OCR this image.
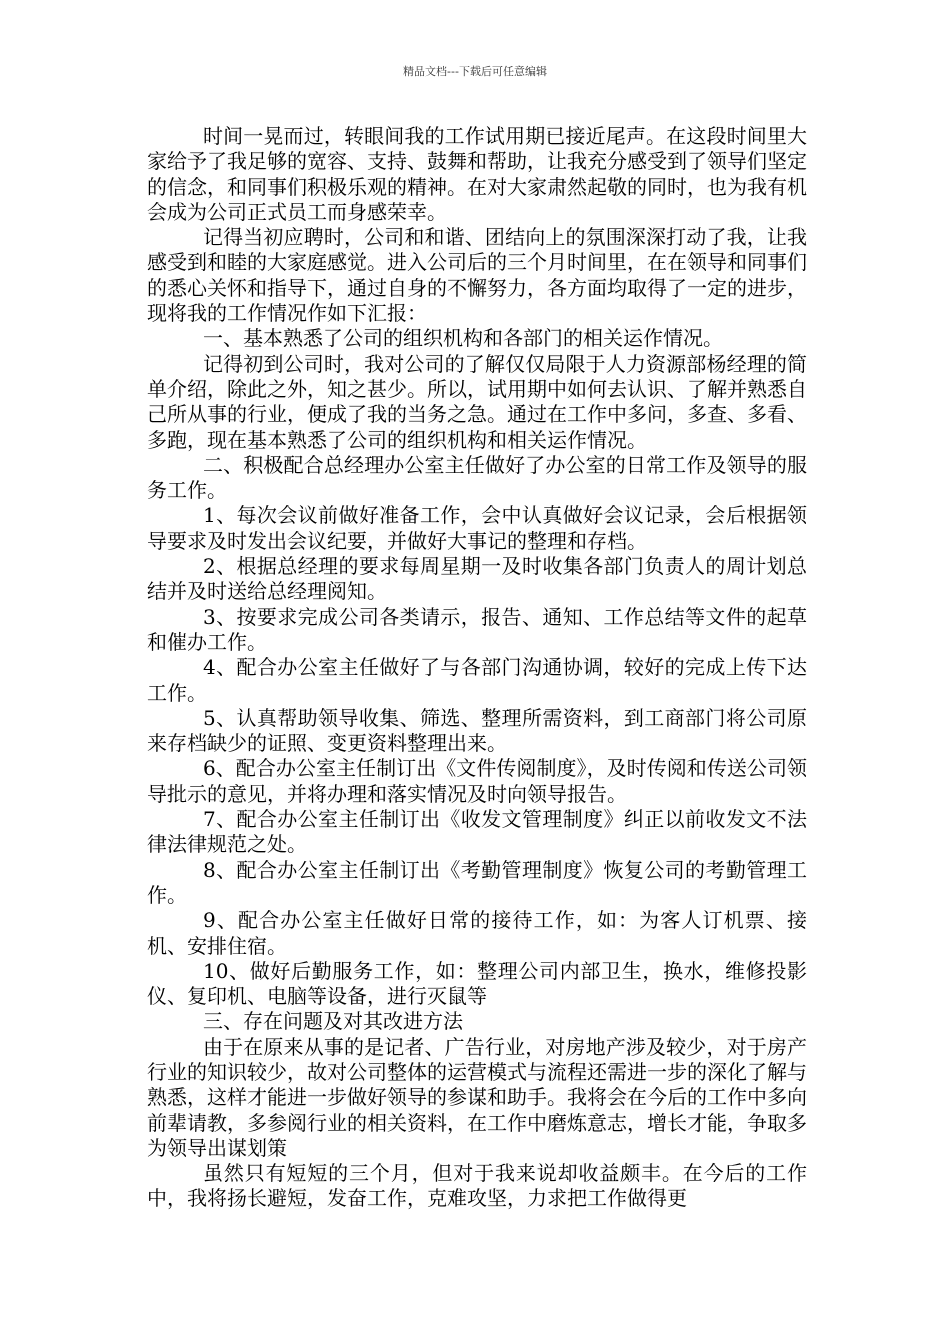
精品文档---下载后可任意编辑

时间一晃而过，转眼间我的工作试用期已接近尾声。在这段时间里大家给予了我足够的宽容、支持、鼓舞和帮助，让我充分感受到了领导们坚定的信念，和同事们积极乐观的精神。在对大家肃然起敬的同时，也为我有机会成为公司正式员工而身感荣幸。

记得当初应聘时，公司和和谐、团结向上的氛围深深打动了我，让我感受到和睦的大家庭感觉。进入公司后的三个月时间里，在在领导和同事们的悉心关怀和指导下，通过自身的不懈努力，各方面均取得了一定的进步，现将我的工作情况作如下汇报：

一、基本熟悉了公司的组织机构和各部门的相关运作情况。

记得初到公司时，我对公司的了解仅仅局限于人力资源部杨经理的简单介绍，除此之外，知之甚少。所以，试用期中如何去认识、了解并熟悉自己所从事的行业，便成了我的当务之急。通过在工作中多问，多查、多看、多跑，现在基本熟悉了公司的组织机构和相关运作情况。

二、积极配合总经理办公室主任做好了办公室的日常工作及领导的服务工作。

1、每次会议前做好准备工作，会中认真做好会议记录，会后根据领导要求及时发出会议纪要，并做好大事记的整理和存档。

2、根据总经理的要求每周星期一及时收集各部门负责人的周计划总结并及时送给总经理阅知。

3、按要求完成公司各类请示，报告、通知、工作总结等文件的起草和催办工作。

4、配合办公室主任做好了与各部门沟通协调，较好的完成上传下达工作。

5、认真帮助领导收集、筛选、整理所需资料，到工商部门将公司原来存档缺少的证照、变更资料整理出来。

6、配合办公室主任制订出《文件传阅制度》，及时传阅和传送公司领导批示的意见，并将办理和落实情况及时向领导报告。

7、配合办公室主任制订出《收发文管理制度》纠正以前收发文不法律法律规范之处。

8、配合办公室主任制订出《考勤管理制度》恢复公司的考勤管理工作。

9、配合办公室主任做好日常的接待工作，如：为客人订机票、接机、安排住宿。

10、做好后勤服务工作，如：整理公司内部卫生，换水，维修投影仪、复印机、电脑等设备，进行灭鼠等

三、存在问题及对其改进方法

由于在原来从事的是记者、广告行业，对房地产涉及较少，对于房产行业的知识较少，故对公司整体的运营模式与流程还需进一步的深化了解与熟悉，这样才能进一步做好领导的参谋和助手。我将会在今后的工作中多向前辈请教，多参阅行业的相关资料，在工作中磨炼意志，增长才能，争取多为领导出谋划策

虽然只有短短的三个月，但对于我来说却收益颇丰。在今后的工作中，我将扬长避短，发奋工作，克难攻坚，力求把工作做得更
